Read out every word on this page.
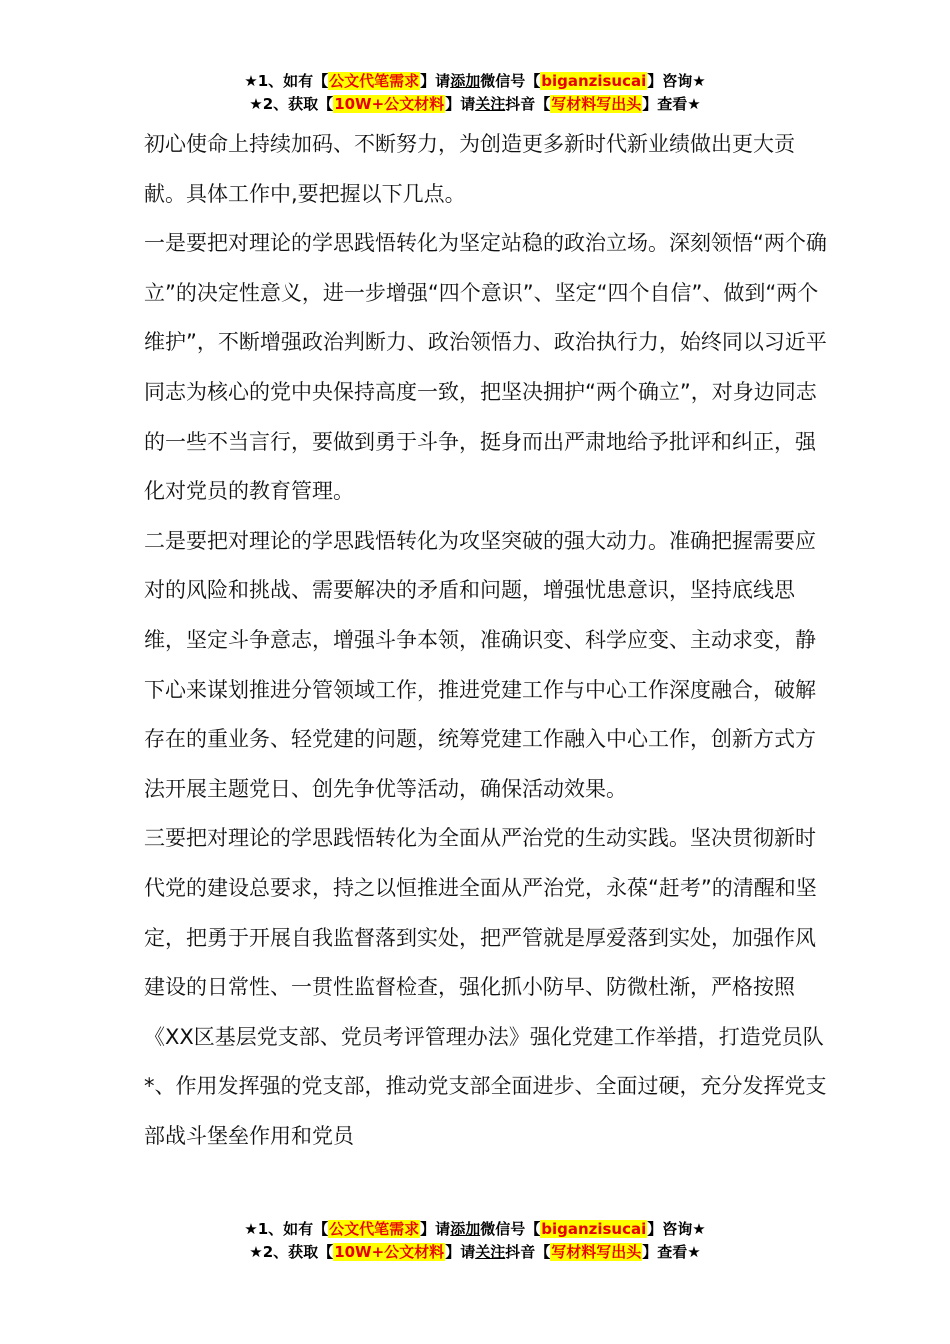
★1、如有【公文代笔需求】请添加微信号【biganzisucai】咨询★
★2、获取【10W+公文材料】请关注抖音【写材料写出头】查看★

初心使命上持续加码、不断努力，为创造更多新时代新业绩做出更大贡献。具体工作中,要把握以下几点。

一是要把对理论的学思践悟转化为坚定站稳的政治立场。深刻领悟“两个确立”的决定性意义，进一步增强“四个意识”、坚定“四个自信”、做到“两个维护”，不断增强政治判断力、政治领悟力、政治执行力，始终同以习近平同志为核心的党中央保持高度一致，把坚决拥护“两个确立”，对身边同志的一些不当言行，要做到勇于斗争，挺身而出严肃地给予批评和纠正，强化对党员的教育管理。

二是要把对理论的学思践悟转化为攻坚突破的强大动力。准确把握需要应对的风险和挑战、需要解决的矛盾和问题，增强忧患意识，坚持底线思维，坚定斗争意志，增强斗争本领，准确识变、科学应变、主动求变，静下心来谋划推进分管领域工作，推进党建工作与中心工作深度融合，破解存在的重业务、轻党建的问题，统筹党建工作融入中心工作，创新方式方法开展主题党日、创先争优等活动，确保活动效果。

三要把对理论的学思践悟转化为全面从严治党的生动实践。坚决贯彻新时代党的建设总要求，持之以恒推进全面从严治党，永葆“赶考”的清醒和坚定，把勇于开展自我监督落到实处，把严管就是厚爱落到实处，加强作风建设的日常性、一贯性监督检查，强化抓小防早、防微杜渐，严格按照《XX区基层党支部、党员考评管理办法》强化党建工作举措，打造党员队*、作用发挥强的党支部，推动党支部全面进步、全面过硬，充分发挥党支部战斗堡垒作用和党员

★1、如有【公文代笔需求】请添加微信号【biganzisucai】咨询★
★2、获取【10W+公文材料】请关注抖音【写材料写出头】查看★
